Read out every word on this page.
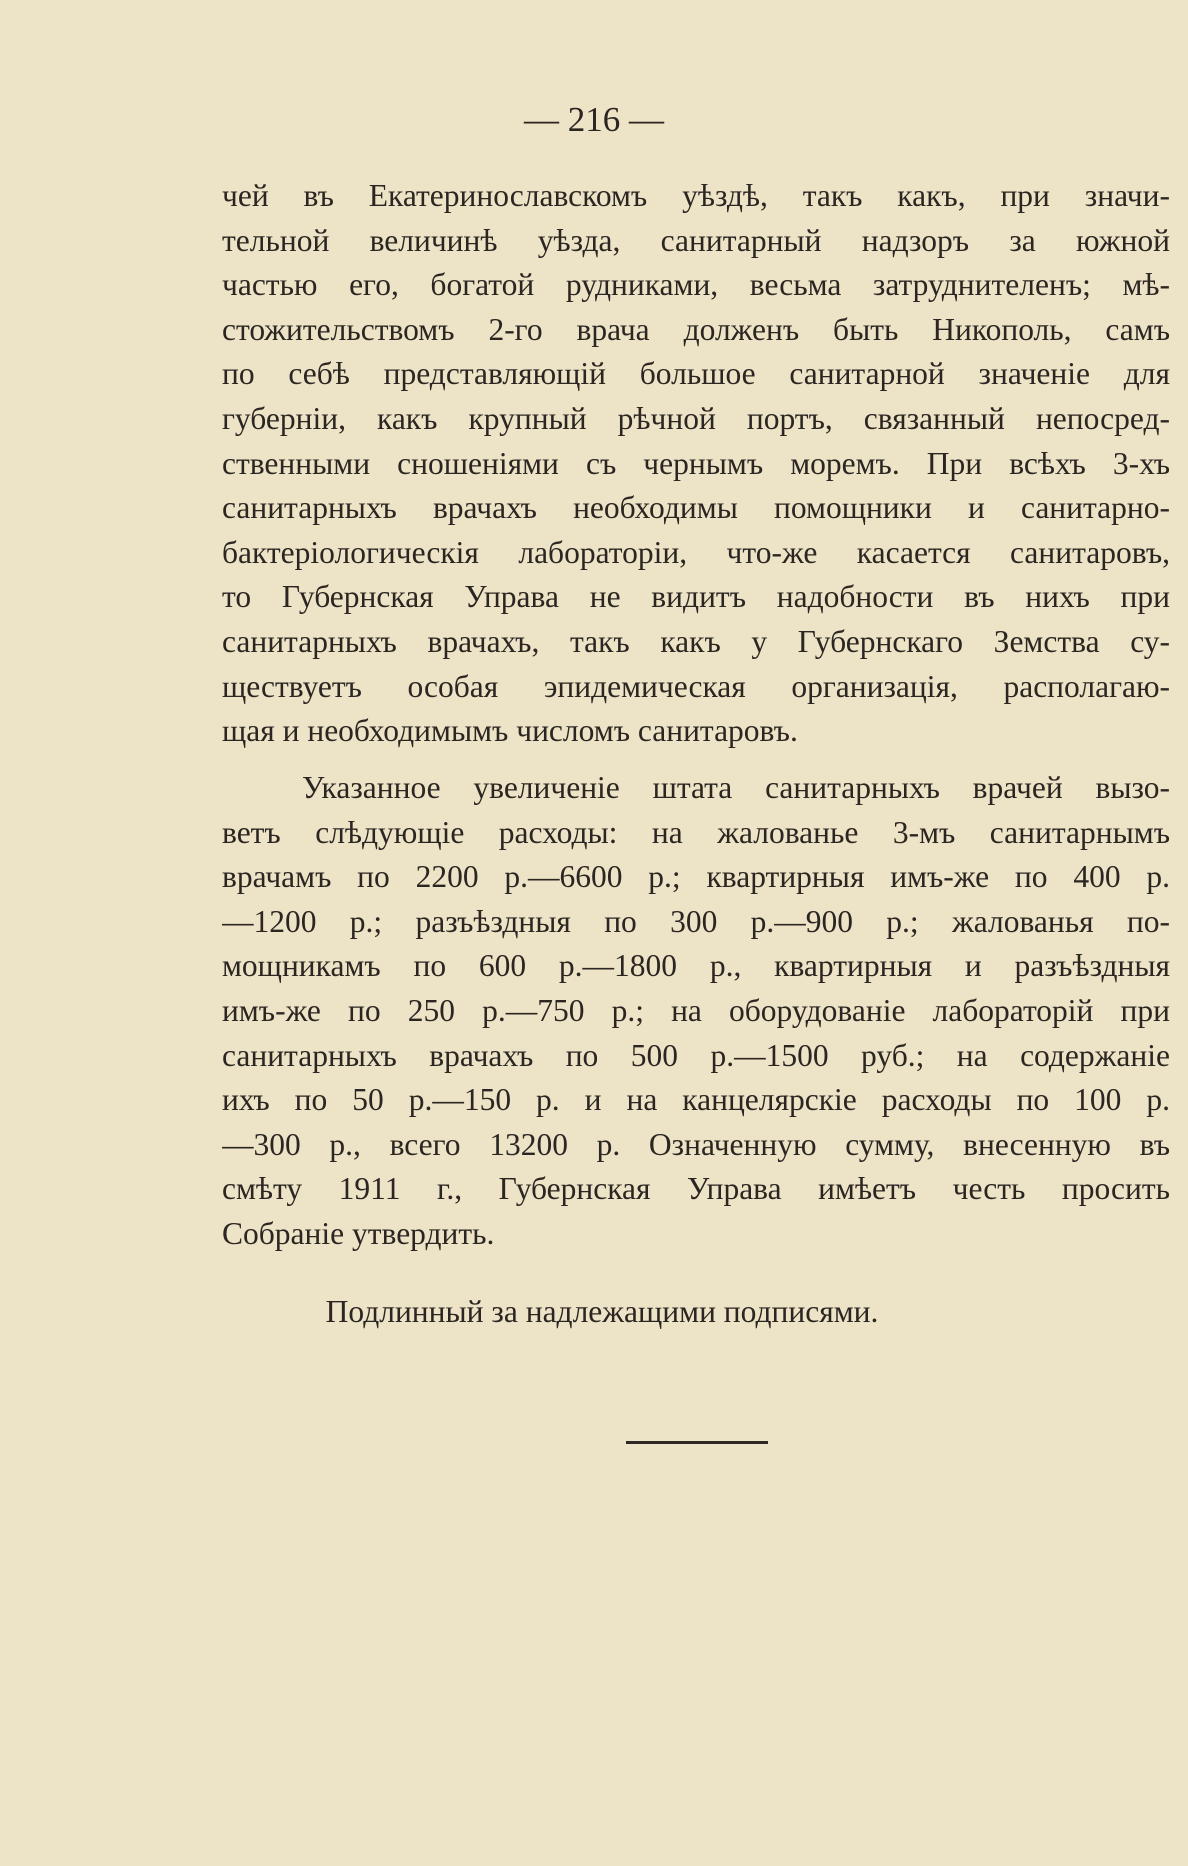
— 216 —
чей въ Екатеринославскомъ уѣздѣ, такъ какъ, при значи-
тельной величинѣ уѣзда, санитарный надзоръ за южной
частью его, богатой рудниками, весьма затруднителенъ; мѣ-
стожительствомъ 2-го врача долженъ быть Никополь, самъ
по себѣ представляющій большое санитарной значенiе для
губернiи, какъ крупный рѣчной портъ, связанный непосред-
ственными сношенiями съ чернымъ моремъ. При всѣхъ 3-хъ
санитарныхъ врачахъ необходимы помощники и санитарно-
бактерiологическiя лабораторiи, что-же касается санитаровъ,
то Губернская Управа не видитъ надобности въ нихъ при
санитарныхъ врачахъ, такъ какъ у Губернскаго Земства су-
ществуетъ особая эпидемическая организацiя, располагаю-
щая и необходимымъ числомъ санитаровъ.
Указанное увеличенiе штата санитарныхъ врачей вызо-
ветъ слѣдующiе расходы: на жалованье 3-мъ санитарнымъ
врачамъ по 2200 р.—6600 р.; квартирныя имъ-же по 400 р.
—1200 р.; разъѣздныя по 300 р.—900 р.; жалованья по-
мощникамъ по 600 р.—1800 р., квартирныя и разъѣздныя
имъ-же по 250 р.—750 р.; на оборудованiе лабораторiй при
санитарныхъ врачахъ по 500 р.—1500 руб.; на содержанiе
ихъ по 50 р.—150 р. и на канцелярскiе расходы по 100 р.
—300 р., всего 13200 р. Означенную сумму, внесенную въ
смѣту 1911 г., Губернская Управа имѣетъ честь просить
Собранiе утвердить.
Подлинный за надлежащими подписями.
